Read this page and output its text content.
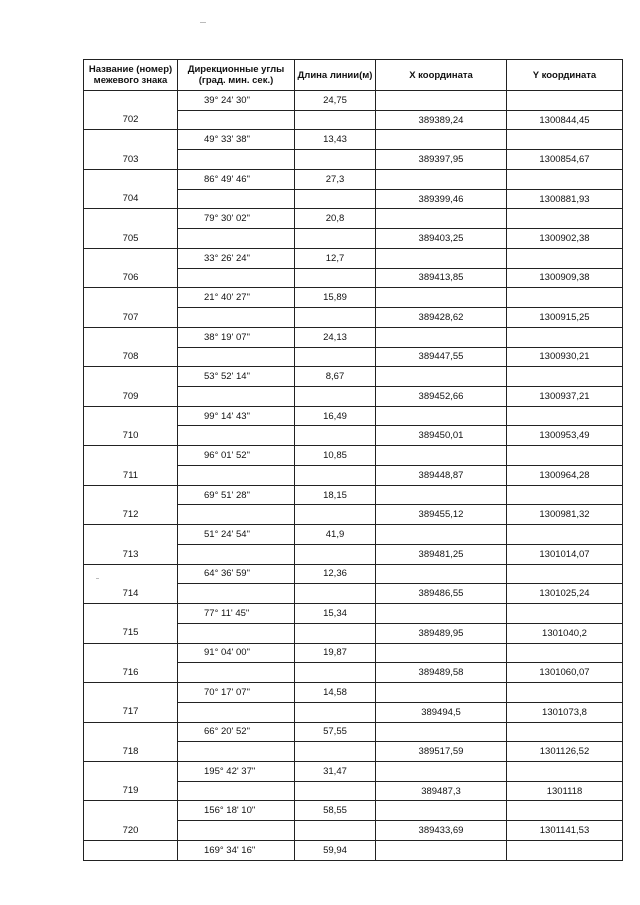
Название (номер) межевого знака	Дирекционные углы (град. мин. сек.)	Длина линии(м)	X координата	Y координата
	39° 24' 30"	24,75		
702			389389,24	1300844,45
	49° 33' 38"	13,43		
703			389397,95	1300854,67
	86° 49' 46"	27,3		
704			389399,46	1300881,93
	79° 30' 02"	20,8		
705			389403,25	1300902,38
	33° 26' 24"	12,7		
706			389413,85	1300909,38
	21° 40' 27"	15,89		
707			389428,62	1300915,25
	38° 19' 07"	24,13		
708			389447,55	1300930,21
	53° 52' 14"	8,67		
709			389452,66	1300937,21
	99° 14' 43"	16,49		
710			389450,01	1300953,49
	96° 01' 52"	10,85		
711			389448,87	1300964,28
	69° 51' 28"	18,15		
712			389455,12	1300981,32
	51° 24' 54"	41,9		
713			389481,25	1301014,07
	64° 36' 59"	12,36		
714			389486,55	1301025,24
	77° 11' 45"	15,34		
715			389489,95	1301040,2
	91° 04' 00"	19,87		
716			389489,58	1301060,07
	70° 17' 07"	14,58		
717			389494,5	1301073,8
	66° 20' 52"	57,55		
718			389517,59	1301126,52
	195° 42' 37"	31,47		
719			389487,3	1301118
	156° 18' 10"	58,55		
720			389433,69	1301141,53
	169° 34' 16"	59,94		
